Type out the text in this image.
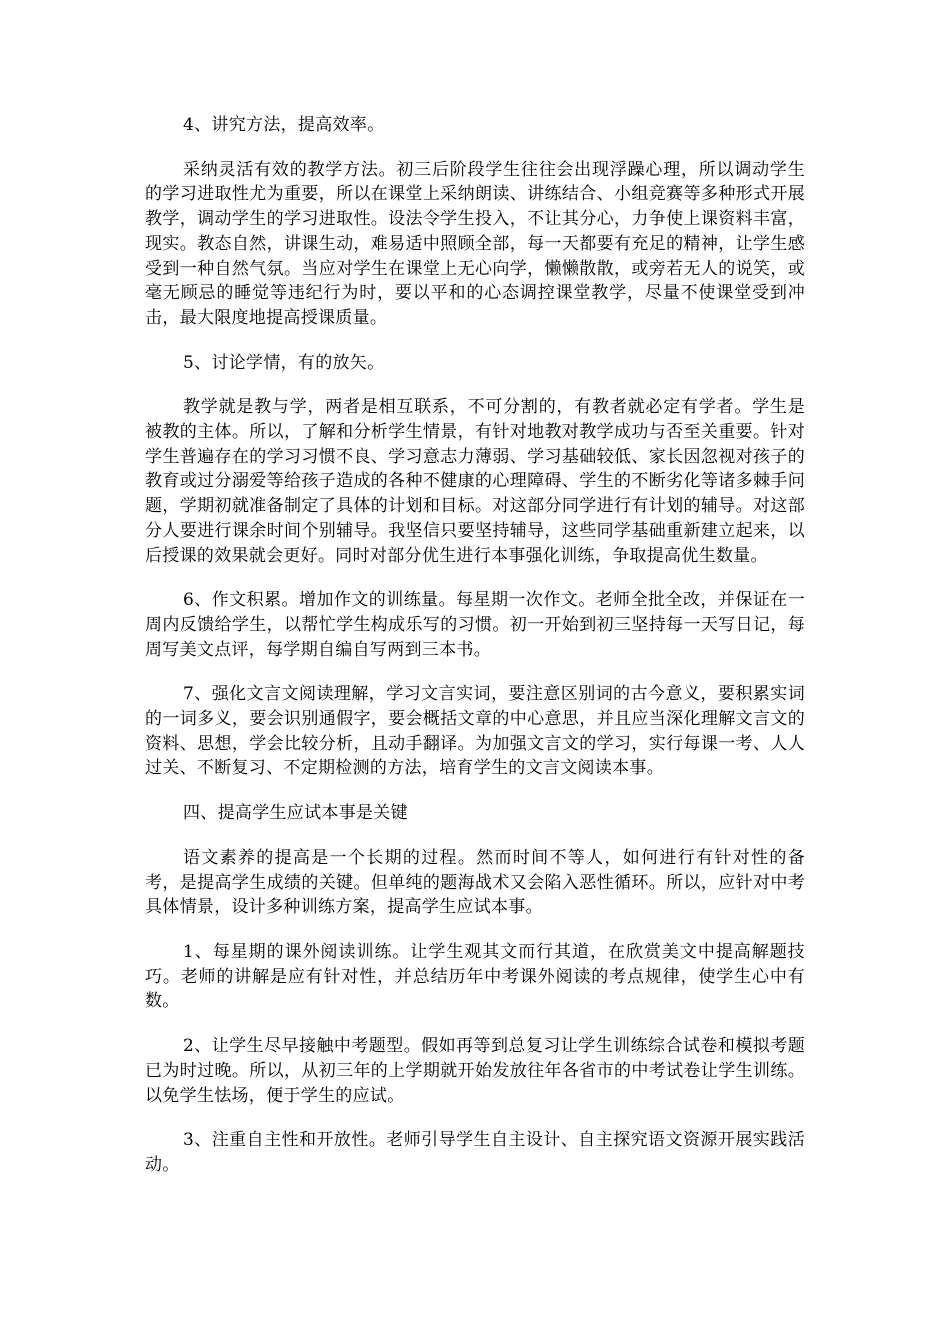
4、讲究方法，提高效率。

采纳灵活有效的教学方法。初三后阶段学生往往会出现浮躁心理，所以调动学生的学习进取性尤为重要，所以在课堂上采纳朗读、讲练结合、小组竞赛等多种形式开展教学，调动学生的学习进取性。设法令学生投入，不让其分心，力争使上课资料丰富，现实。教态自然，讲课生动，难易适中照顾全部，每一天都要有充足的精神，让学生感受到一种自然气氛。当应对学生在课堂上无心向学，懒懒散散，或旁若无人的说笑，或毫无顾忌的睡觉等违纪行为时，要以平和的心态调控课堂教学，尽量不使课堂受到冲击，最大限度地提高授课质量。

5、讨论学情，有的放矢。

教学就是教与学，两者是相互联系，不可分割的，有教者就必定有学者。学生是被教的主体。所以，了解和分析学生情景，有针对地教对教学成功与否至关重要。针对学生普遍存在的学习习惯不良、学习意志力薄弱、学习基础较低、家长因忽视对孩子的教育或过分溺爱等给孩子造成的各种不健康的心理障碍、学生的不断劣化等诸多棘手问题，学期初就准备制定了具体的计划和目标。对这部分同学进行有计划的辅导。对这部分人要进行课余时间个别辅导。我坚信只要坚持辅导，这些同学基础重新建立起来，以后授课的效果就会更好。同时对部分优生进行本事强化训练，争取提高优生数量。

6、作文积累。增加作文的训练量。每星期一次作文。老师全批全改，并保证在一周内反馈给学生，以帮忙学生构成乐写的习惯。初一开始到初三坚持每一天写日记，每周写美文点评，每学期自编自写两到三本书。

7、强化文言文阅读理解，学习文言实词，要注意区别词的古今意义，要积累实词的一词多义，要会识别通假字，要会概括文章的中心意思，并且应当深化理解文言文的资料、思想，学会比较分析，且动手翻译。为加强文言文的学习，实行每课一考、人人过关、不断复习、不定期检测的方法，培育学生的文言文阅读本事。

四、提高学生应试本事是关键

语文素养的提高是一个长期的过程。然而时间不等人，如何进行有针对性的备考，是提高学生成绩的关键。但单纯的题海战术又会陷入恶性循环。所以，应针对中考具体情景，设计多种训练方案，提高学生应试本事。

1、每星期的课外阅读训练。让学生观其文而行其道，在欣赏美文中提高解题技巧。老师的讲解是应有针对性，并总结历年中考课外阅读的考点规律，使学生心中有数。

2、让学生尽早接触中考题型。假如再等到总复习让学生训练综合试卷和模拟考题已为时过晚。所以，从初三年的上学期就开始发放往年各省市的中考试卷让学生训练。以免学生怯场，便于学生的应试。

3、注重自主性和开放性。老师引导学生自主设计、自主探究语文资源开展实践活动。
